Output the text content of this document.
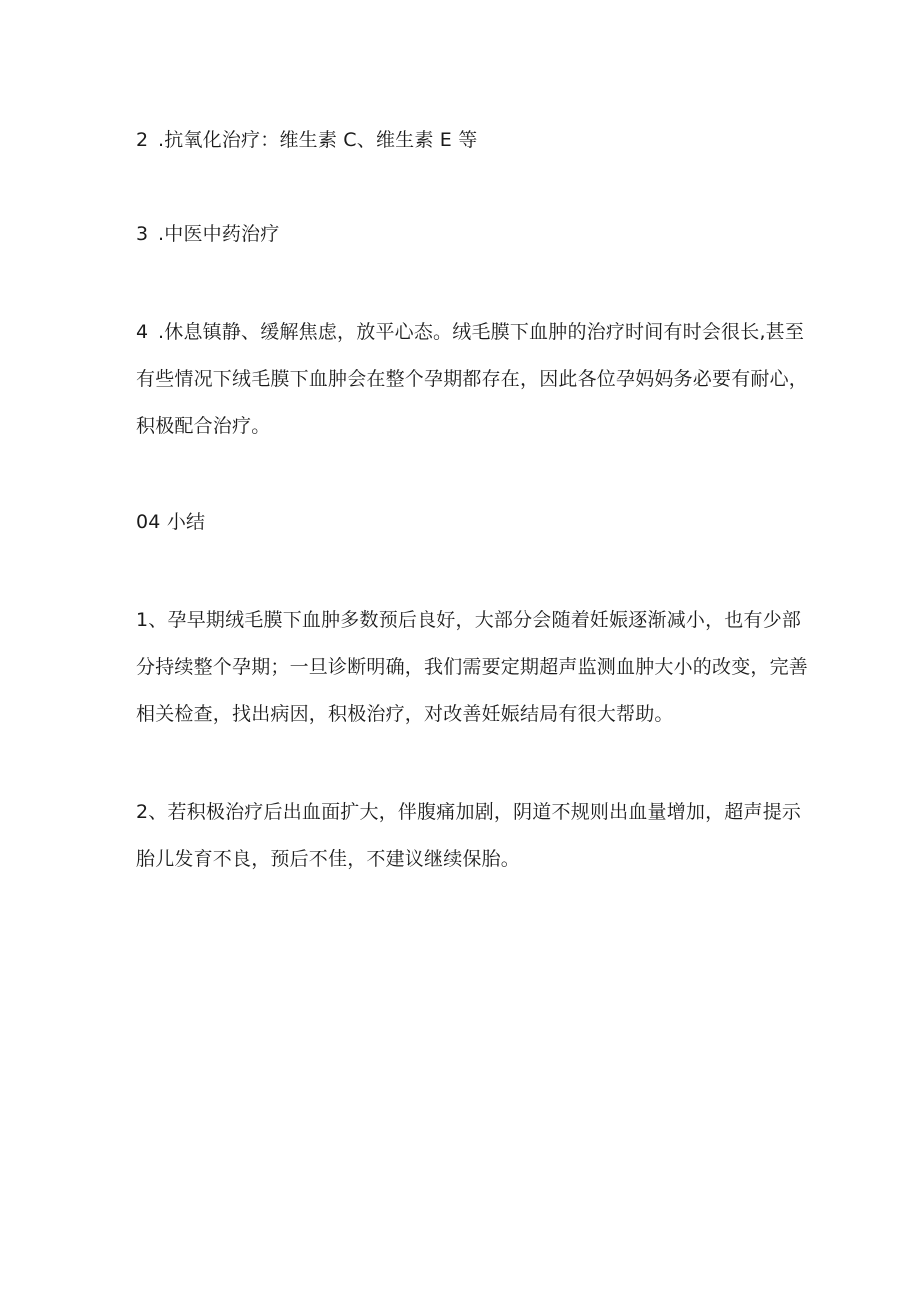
2 .抗氧化治疗：维生素 C、维生素 E 等
3 .中医中药治疗
4 .休息镇静、缓解焦虑，放平心态。绒毛膜下血肿的治疗时间有时会很长,甚至
有些情况下绒毛膜下血肿会在整个孕期都存在，因此各位孕妈妈务必要有耐心，
积极配合治疗。
04 小结
1、孕早期绒毛膜下血肿多数预后良好，大部分会随着妊娠逐渐减小，也有少部
分持续整个孕期；一旦诊断明确，我们需要定期超声监测血肿大小的改变，完善
相关检查，找出病因，积极治疗，对改善妊娠结局有很大帮助。
2、若积极治疗后出血面扩大，伴腹痛加剧，阴道不规则出血量增加，超声提示
胎儿发育不良，预后不佳，不建议继续保胎。
